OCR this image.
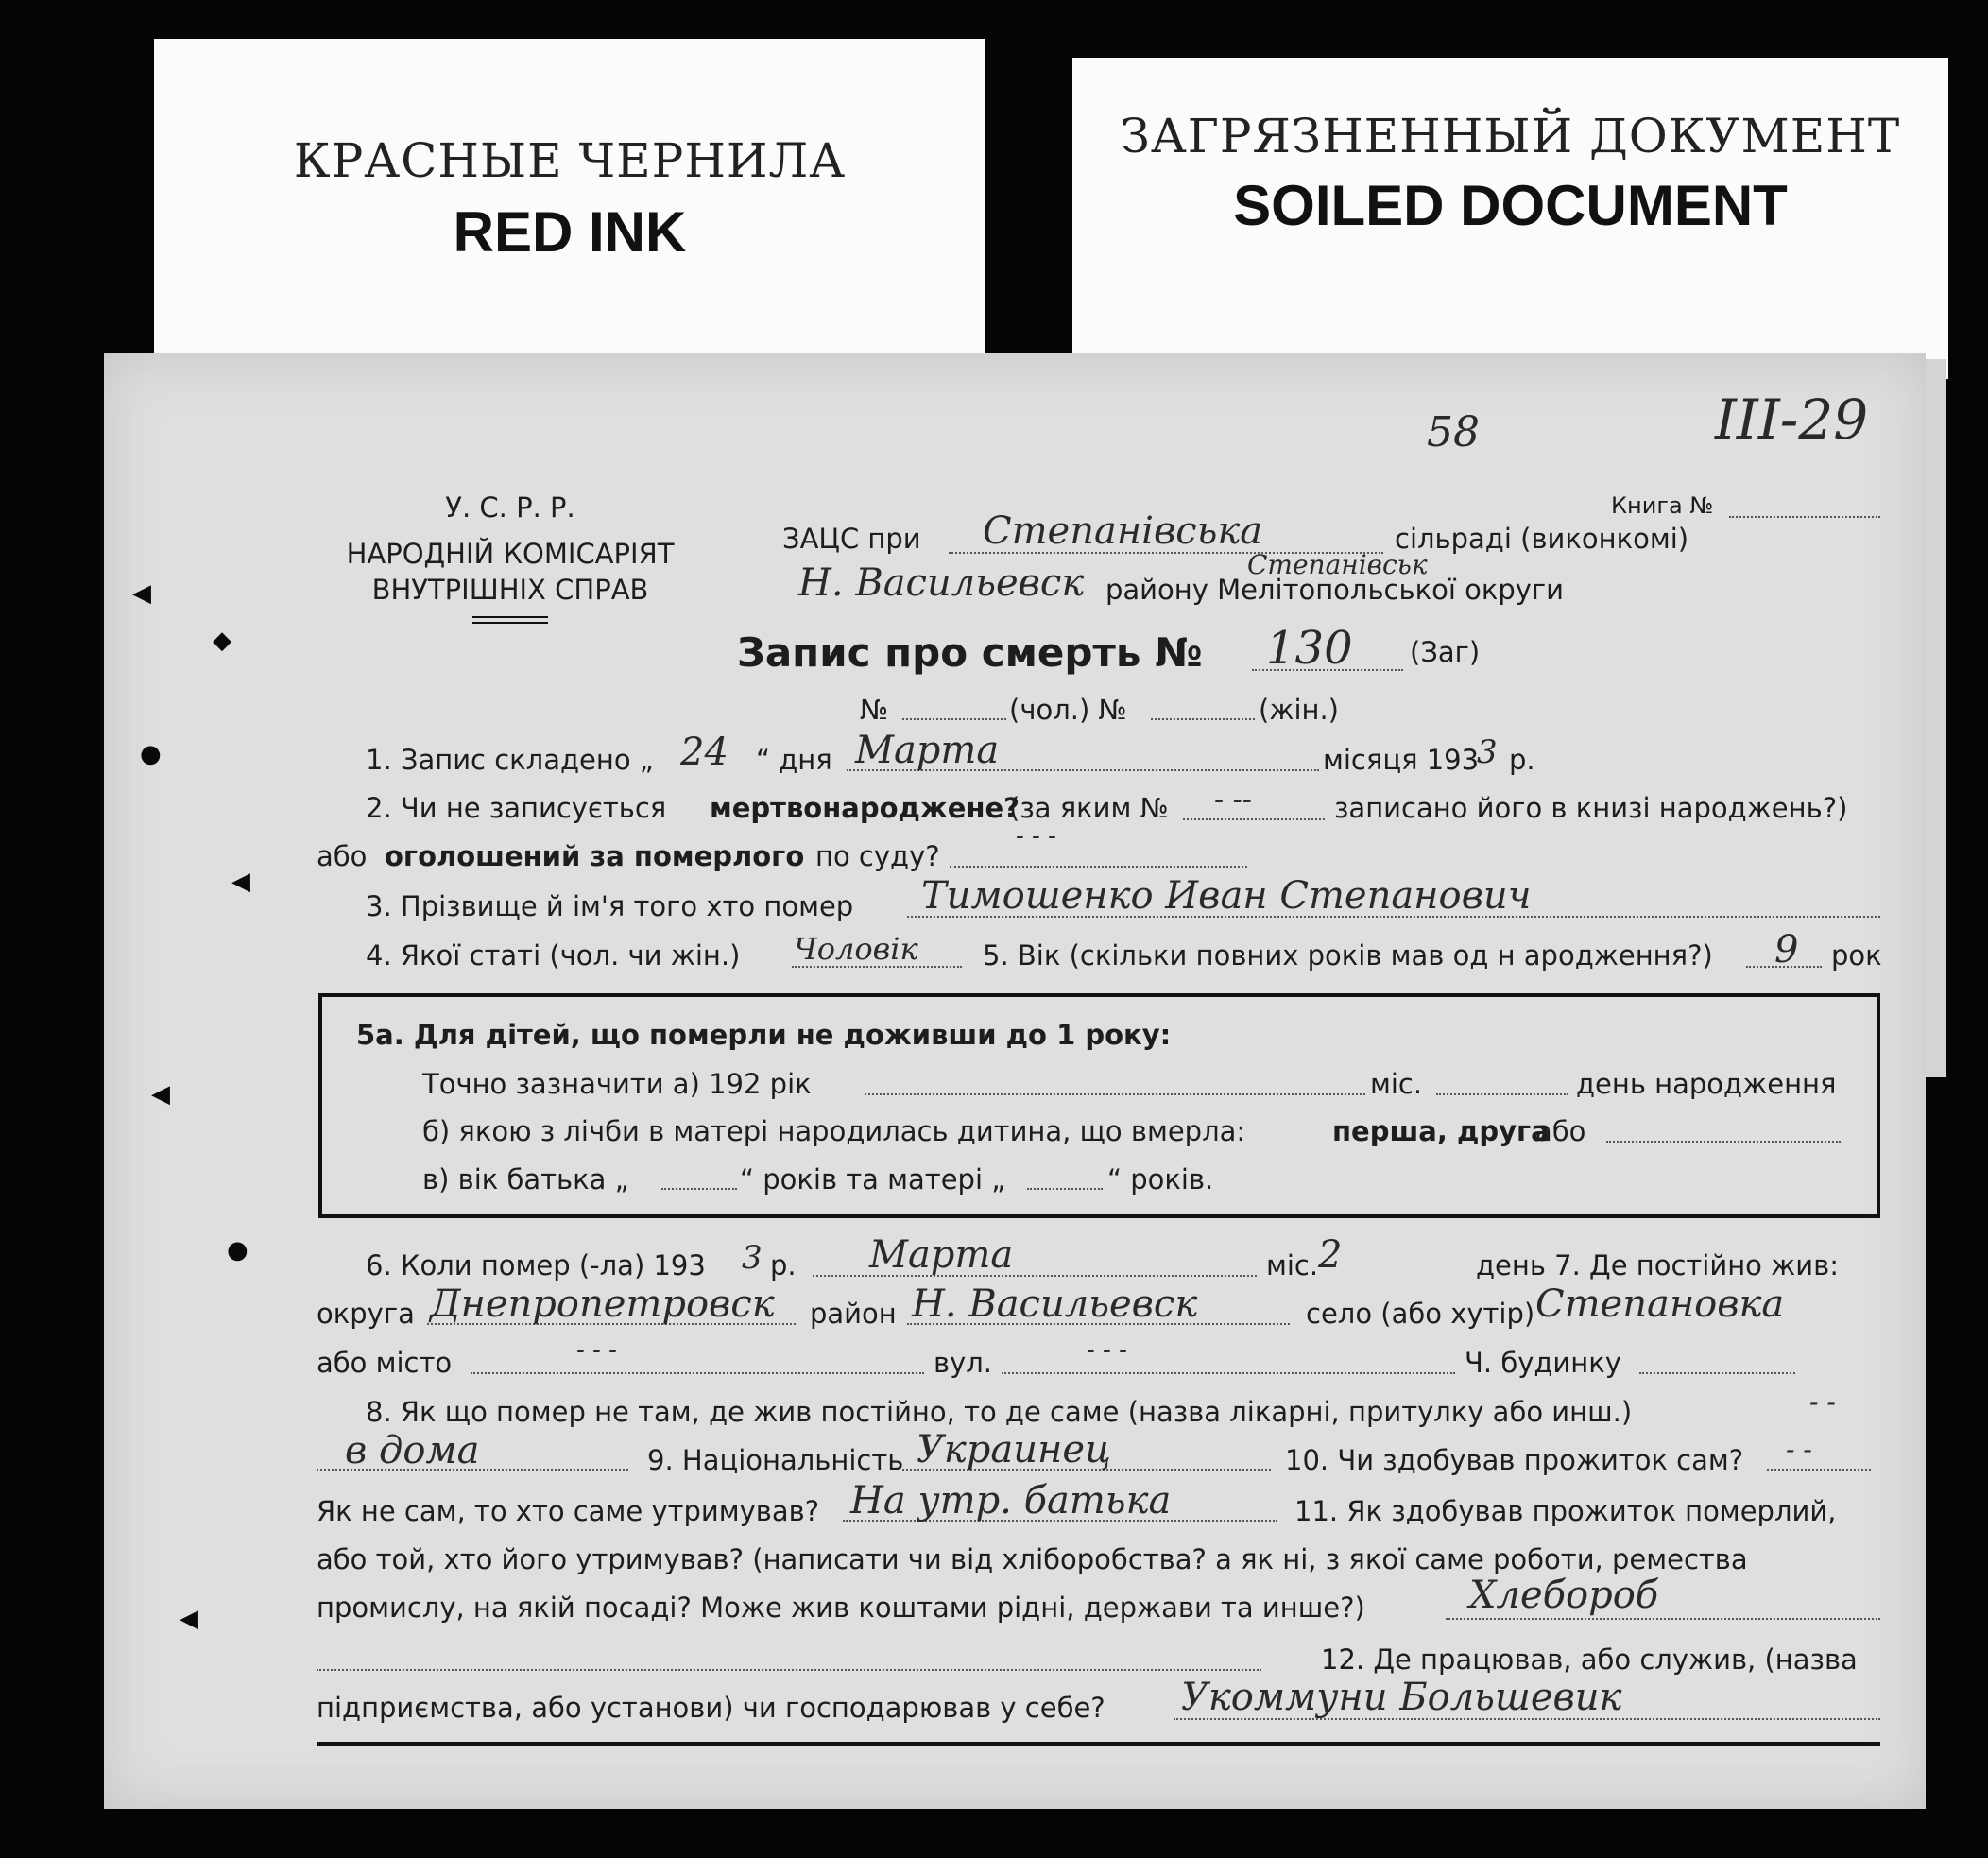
КРАСНЫЕ ЧЕРНИЛА
RED INK
ЗАГРЯЗНЕННЫЙ ДОКУМЕНТ
SOILED DOCUMENT
◀
◆
●
◀
◀
●
◀
58	III-29
У. С. Р. Р.
НАРОДНІЙ КОМІСАРІЯТ
ВНУТРІШНІХ СПРАВ
Книга №
ЗАЦС при Степанівська	сільраді (виконкомі)
Н. Васильевск	Степанівськ
району Мелітопольської округи
Запис про смерть № 130 (Заг)
№	(чол.) №	(жін.)
1. Запис складено „ 24 “ дня Марта	місяця 193
3 р.
2. Чи не записується мертвонароджене?
(за яким № - --	записано його в книзі народжень?)
або оголошений за померлого по суду?
- - -
3. Прізвище й ім'я того хто помер Тимошенко Иван Степанович
4. Якої статі (чол. чи жін.) Чоловік 5. Вік (скільки повних років мав од н ародження?) 9 рок
5а. Для дітей, що померли не доживши до 1 року:
Точно зазначити а) 192 рік	міс.	день народження
б) якою з лічби в матері народилась дитина, що вмерла:	перша, друга
або
в) вік батька „	“ років та матері „	“ років.
6. Коли помер (-ла) 193 3 р. Марта	міс. 2	день 7. Де постійно жив:
округа Днепропетровск район Н. Васильевск	село (або хутір) Степановка
або місто	- - -	вул.	- - -	Ч. будинку
8. Як що помер не там, де жив постійно, то де саме (назва лікарні, притулку або инш.)	- -
в дома	9. Національність Украинец	10. Чи здобував прожиток сам? - -
Як не сам, то хто саме утримував? На утр. батька	11. Як здобував прожиток померлий,
або той, хто його утримував? (написати чи від хліборобства? а як ні, з якої саме роботи, ремества
промислу, на якій посаді? Може жив коштами рідні, держави та инше?)	Хлебороб
12. Де працював, або служив, (назва
підприємства, або установи) чи господарював у себе? Укоммуни Большевик
